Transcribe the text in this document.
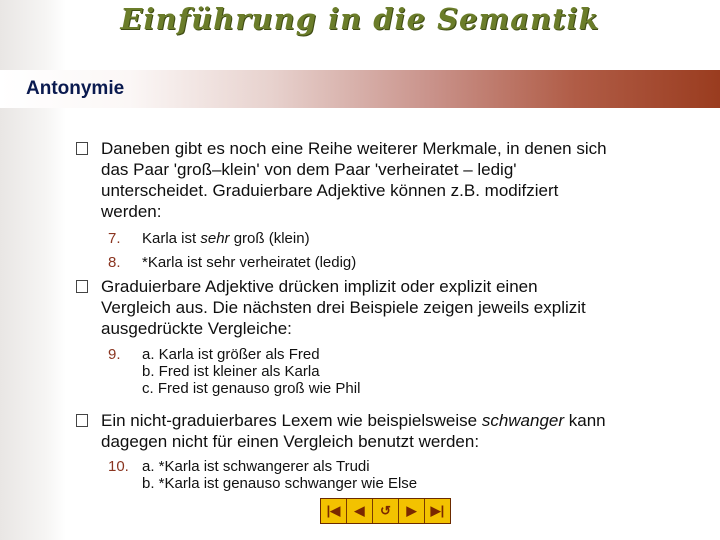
Einführung in die Semantik
Antonymie
Daneben gibt es noch eine Reihe weiterer Merkmale, in denen sich
das Paar 'groß–klein' von dem Paar 'verheiratet – ledig'
unterscheidet. Graduierbare Adjektive können z.B. modifziert
werden:
7. Karla ist sehr groß (klein)
8. *Karla ist sehr verheiratet (ledig)
Graduierbare Adjektive drücken implizit oder explizit einen
Vergleich aus. Die nächsten drei Beispiele zeigen jeweils explizit
ausgedrückte Vergleiche:
9. a. Karla ist größer als Fred
b. Fred ist kleiner als Karla
c. Fred ist genauso groß wie Phil
Ein nicht-graduierbares Lexem wie beispielsweise schwanger kann
dagegen nicht für einen Vergleich benutzt werden:
10. a. *Karla ist schwangerer als Trudi
b. *Karla ist genauso schwanger wie Else
|◀ ◀ ↺ ▶ ▶|
